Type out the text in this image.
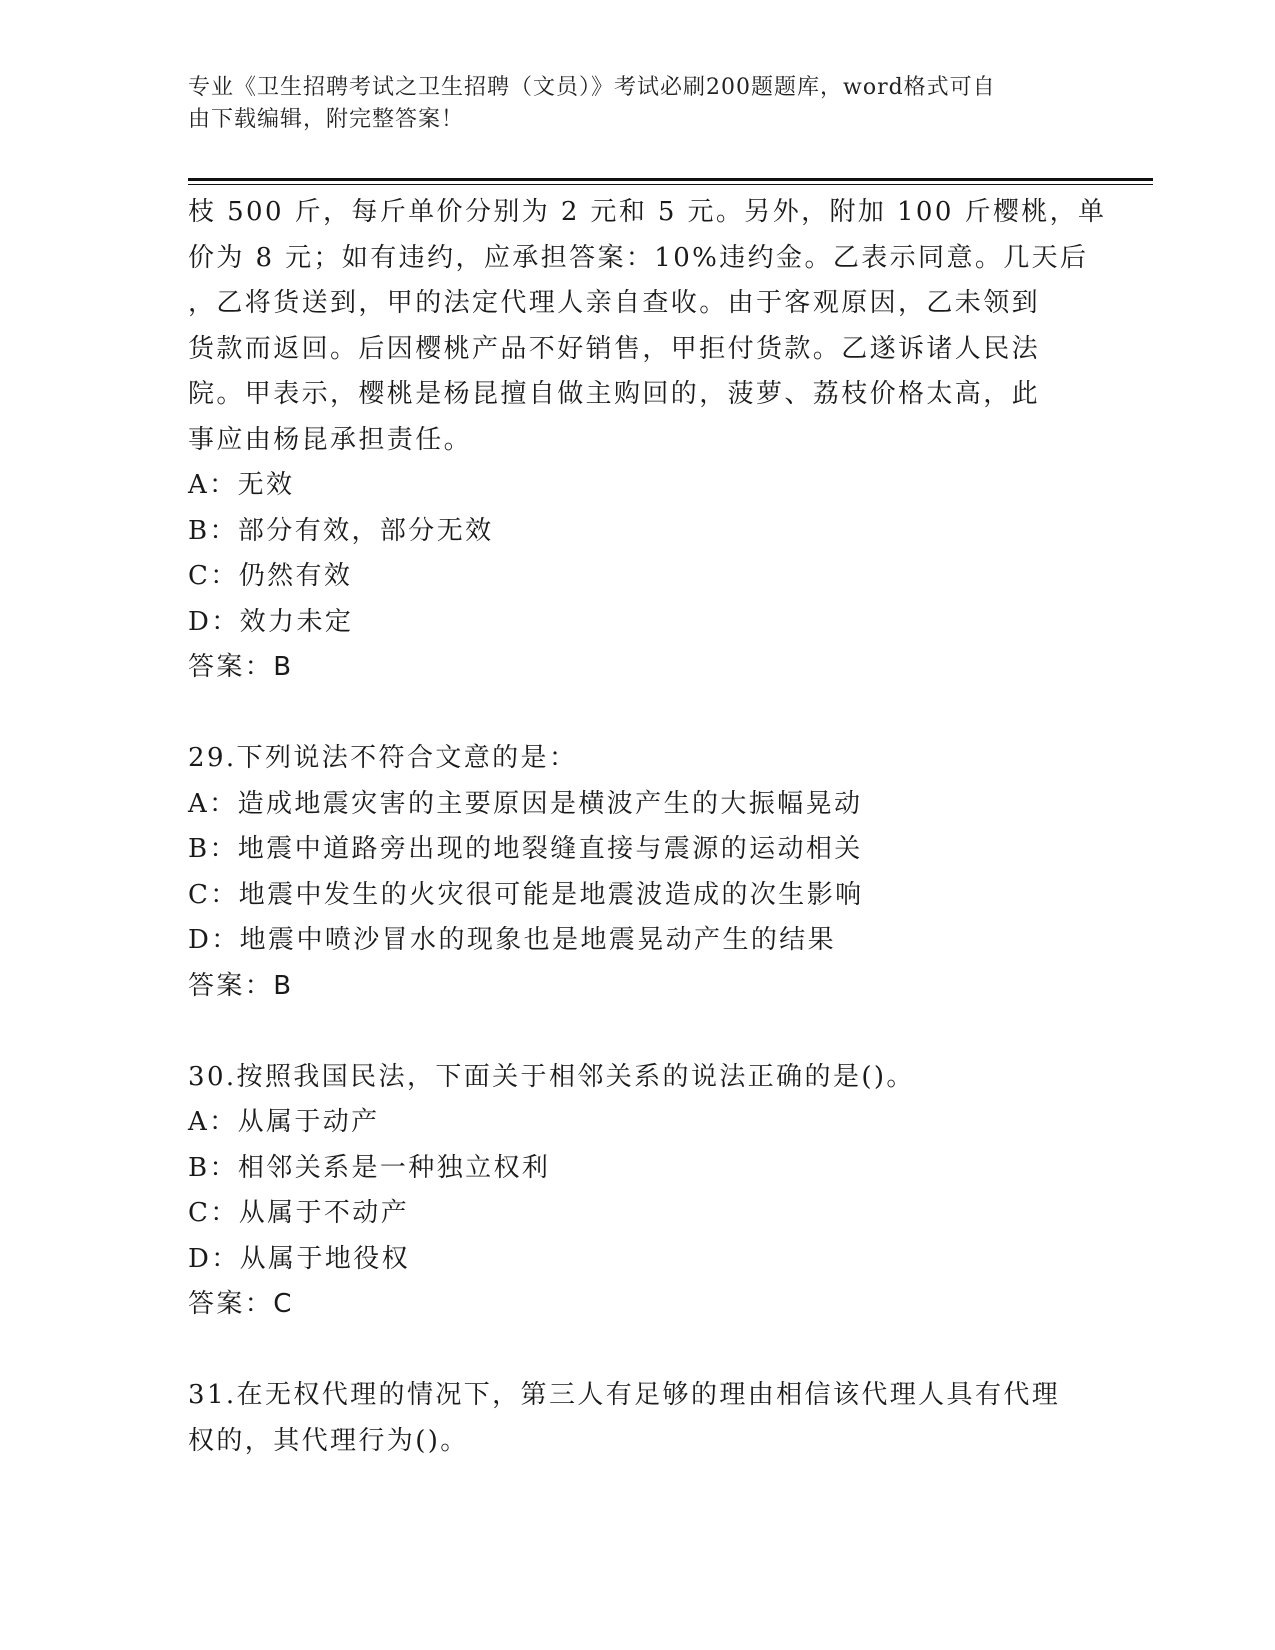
专业《卫生招聘考试之卫生招聘（文员）》考试必刷200题题库，word格式可自
由下载编辑，附完整答案！
枝 500 斤，每斤单价分别为 2 元和 5 元。另外，附加 100 斤樱桃，单
价为 8 元；如有违约，应承担答案：10%违约金。乙表示同意。几天后
，乙将货送到，甲的法定代理人亲自查收。由于客观原因，乙未领到
货款而返回。后因樱桃产品不好销售，甲拒付货款。乙遂诉诸人民法
院。甲表示，樱桃是杨昆擅自做主购回的，菠萝、荔枝价格太高，此
事应由杨昆承担责任。
A：无效
B：部分有效，部分无效
C：仍然有效
D：效力未定
答案：B
29.下列说法不符合文意的是：
A：造成地震灾害的主要原因是横波产生的大振幅晃动
B：地震中道路旁出现的地裂缝直接与震源的运动相关
C：地震中发生的火灾很可能是地震波造成的次生影响
D：地震中喷沙冒水的现象也是地震晃动产生的结果
答案：B
30.按照我国民法，下面关于相邻关系的说法正确的是()。
A：从属于动产
B：相邻关系是一种独立权利
C：从属于不动产
D：从属于地役权
答案：C
31.在无权代理的情况下，第三人有足够的理由相信该代理人具有代理
权的，其代理行为()。
